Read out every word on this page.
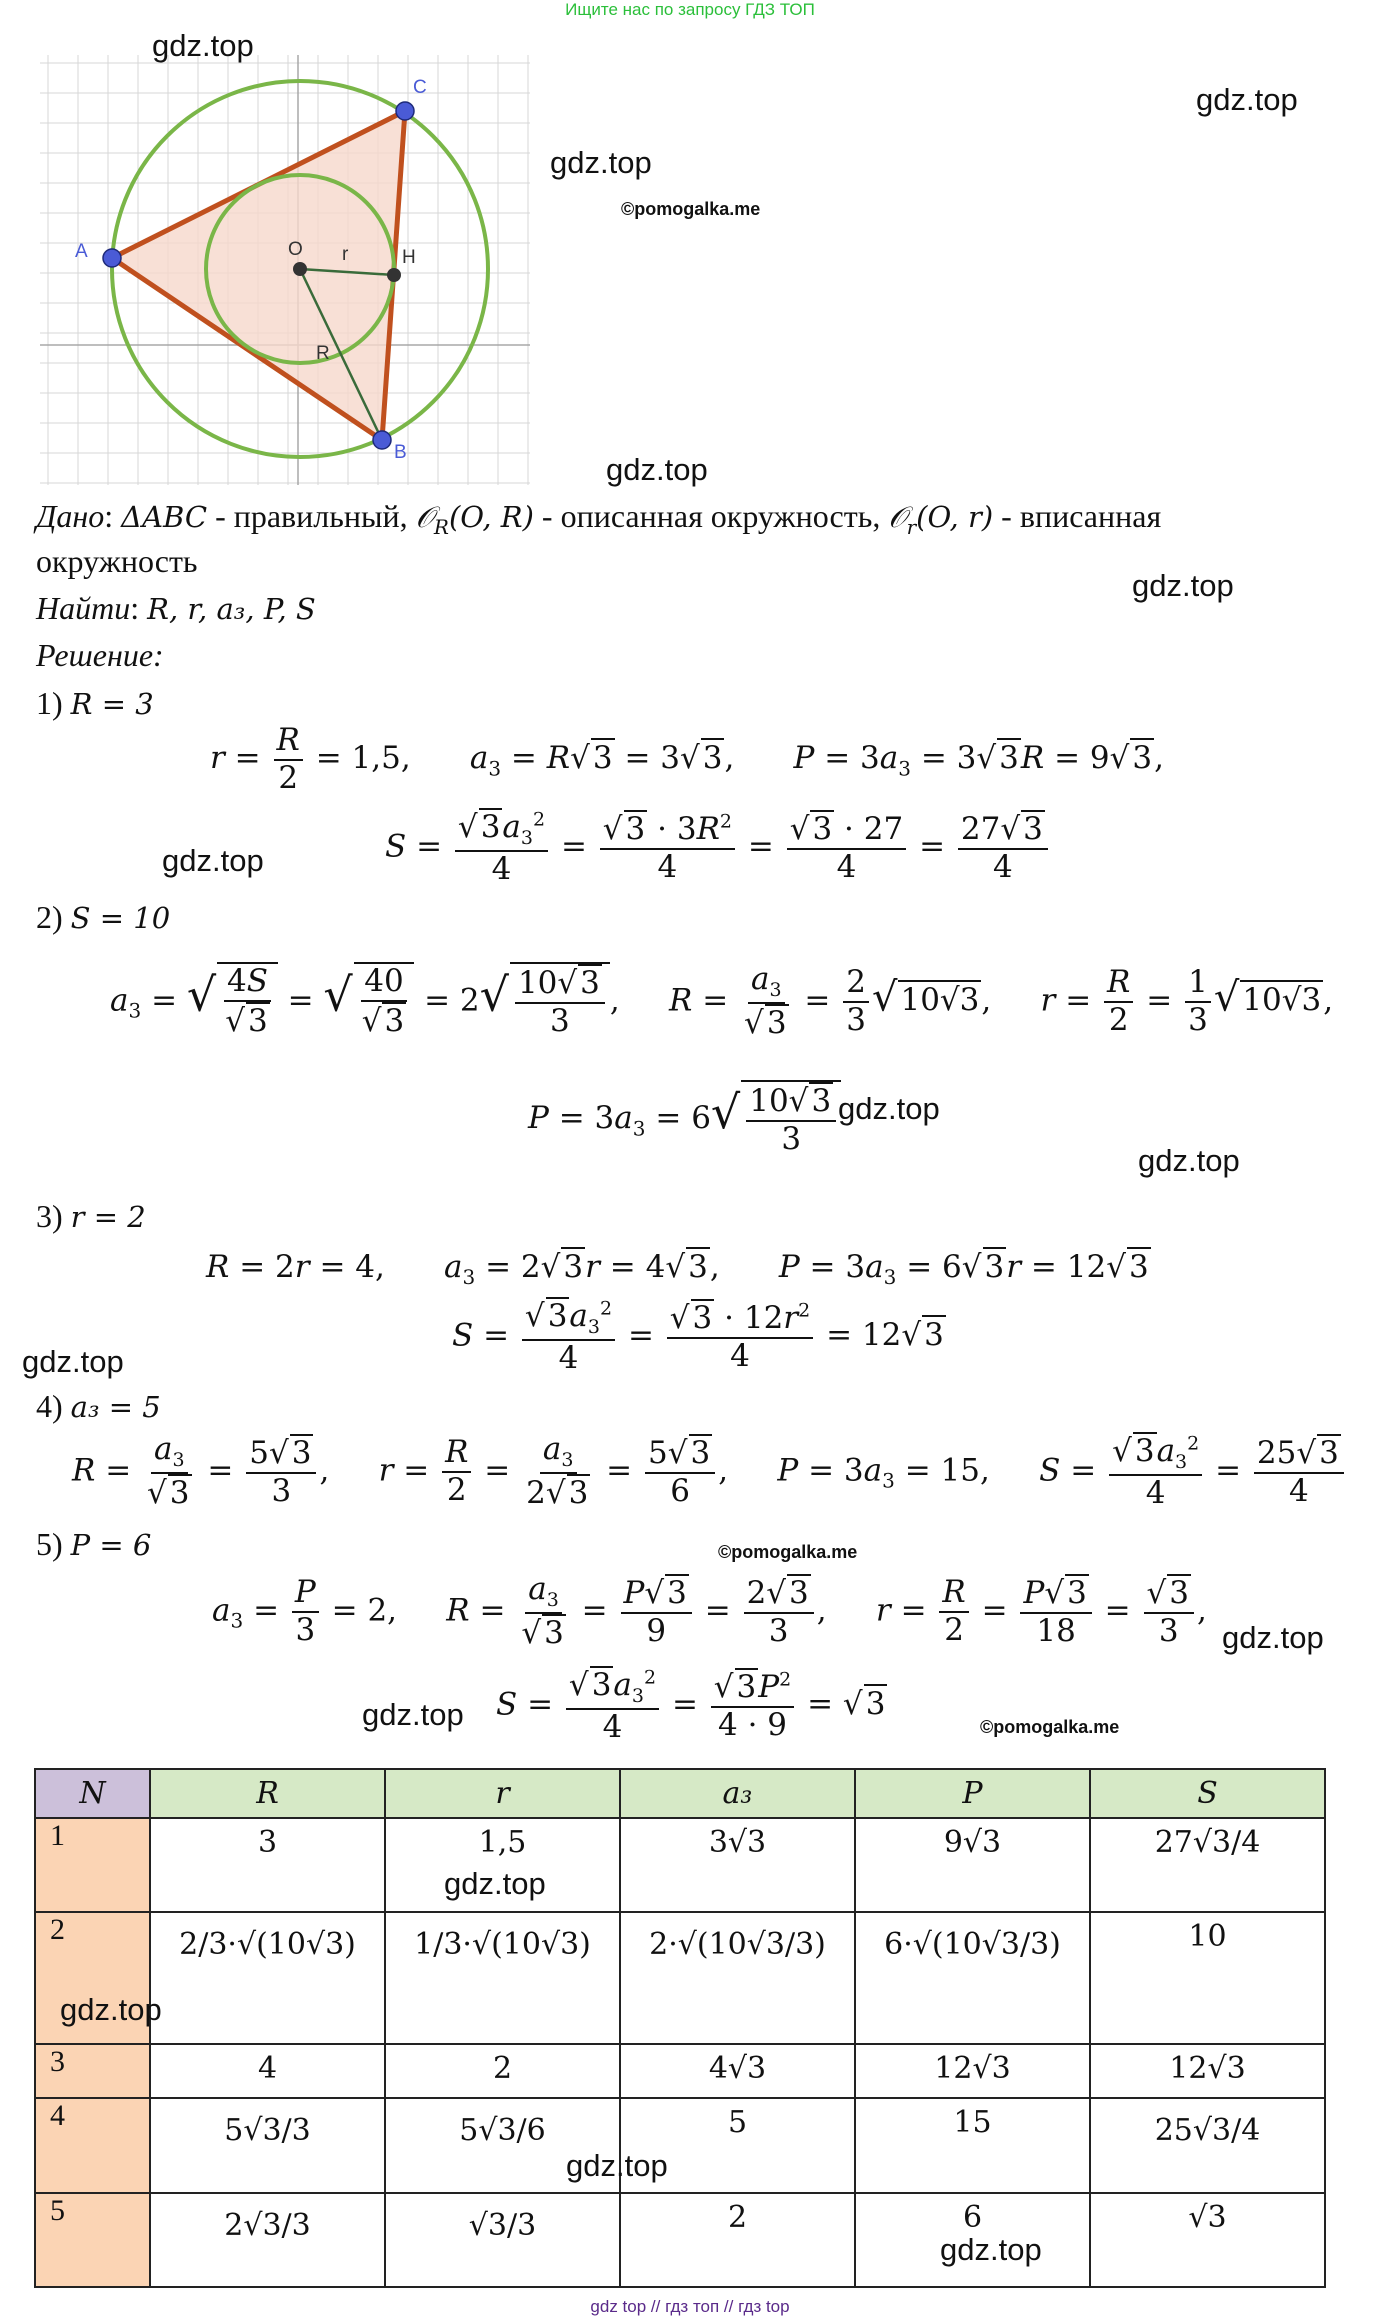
Ищите нас по запросу ГДЗ ТОП
A
B
C
O	H
r
R
gdz.top
gdz.top
gdz.top
©pomogalka.me
gdz.top
gdz.top
gdz.top
gdz.top
gdz.top
gdz.top
©pomogalka.me
gdz.top
gdz.top	©pomogalka.me
Дано: ΔABC - правильный, 𝒪$_R$(O, R) - описанная окружность, 𝒪$_r$(O, r) - вписанная
окружность
Найти: R, r, a₃, P, S
Решение:
1) R = 3
$r = \frac{R}{2} = 1,5$,      $a_3 = R√3 = 3√3$,      $P = 3a_3 = 3√3R = 9√3$,
$S = \frac{√3a_3^2}{4} = \frac{√3 \cdot 3R^2}{4} = \frac{√3 \cdot 27}{4} = \frac{27√3}{4}$
2) S = 10
$a_3$ = √ $\frac{4S}{√3}$ = √ $\frac{40}{√3} = 2√ \frac{10√3}{3}$ ,     $R = \frac{a_3}{√3} = \frac{2}{3} √10√3$,     $r = \frac{R}{2} = \frac{1}{3} √10√3$,
$P = 3a_3 = 6√ \frac{10√3}{3}$
3) r = 2
R = 2r = 4,      $a_3 = 2√3r = 4√3$,      $P = 3a_3 = 6√3r = 12√3$
$S = \frac{√3a_3^2}{4} = \frac{√3 \cdot 12r^2}{4} = 12√3$
4) a₃ = 5
$R = \frac{a_3}{√3} = \frac{5√3}{3}$ ,     $r = \frac{R}{2} = \frac{a_3}{2√3} = \frac{5√3}{6}$ ,     $P = 3a_3 = 15$,     $S = \frac{√3a_3^2}{4} = \frac{25√3}{4}$
5) P = 6
$a_3 = \frac{P}{3} = 2$,     $R = \frac{a_3}{√3} = \frac{P√3}{9} = \frac{2√3}{3}$ ,     $r = \frac{R}{2} = \frac{P√3}{18} = \frac{√3}{3}$ ,
$S = \frac{√3a_3^2}{4} = \frac{√3P^2}{4 \cdot 9} = √3$
N	R	r	a₃	P	S
1	3	1,5	3√3	9√3	27√3/4

2	2/3·√(10√3)	1/3·√(10√3)	2·√(10√3/3)	6·√(10√3/3)	10

3	4	2	4√3	12√3	12√3

4	5√3/3	5√3/6	5	15	25√3/4

5	2√3/3	√3/3	2	6	√3
gdz.top
gdz.top
gdz.top
gdz.top
gdz top // гдз топ // гдз top
